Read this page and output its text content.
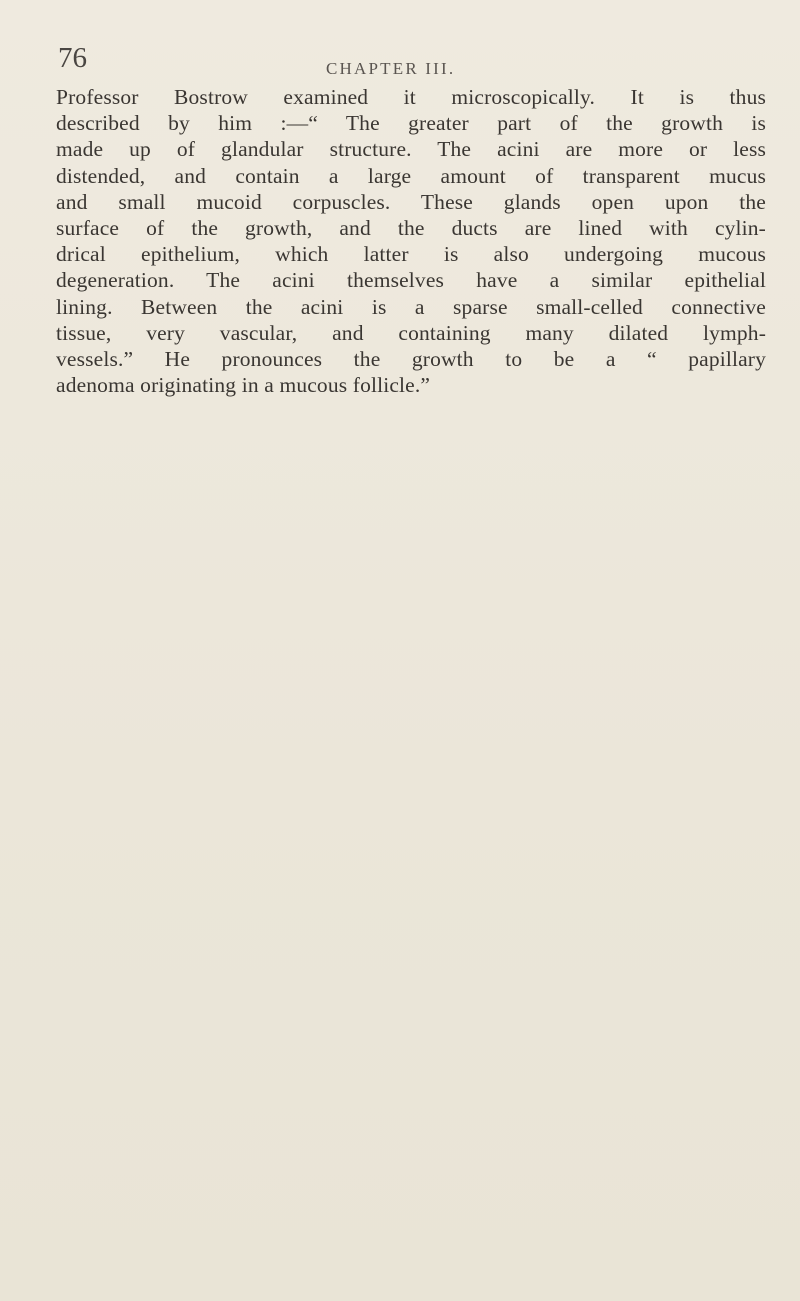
76	CHAPTER III.
Professor Bostrow examined it microscopically. It is thus
described by him :—“ The greater part of the growth is
made up of glandular structure. The acini are more or less
distended, and contain a large amount of transparent mucus
and small mucoid corpuscles. These glands open upon the
surface of the growth, and the ducts are lined with cylin-
drical epithelium, which latter is also undergoing mucous
degeneration. The acini themselves have a similar epithelial
lining. Between the acini is a sparse small-celled connective
tissue, very vascular, and containing many dilated lymph-
vessels.” He pronounces the growth to be a “ papillary
adenoma originating in a mucous follicle.”
